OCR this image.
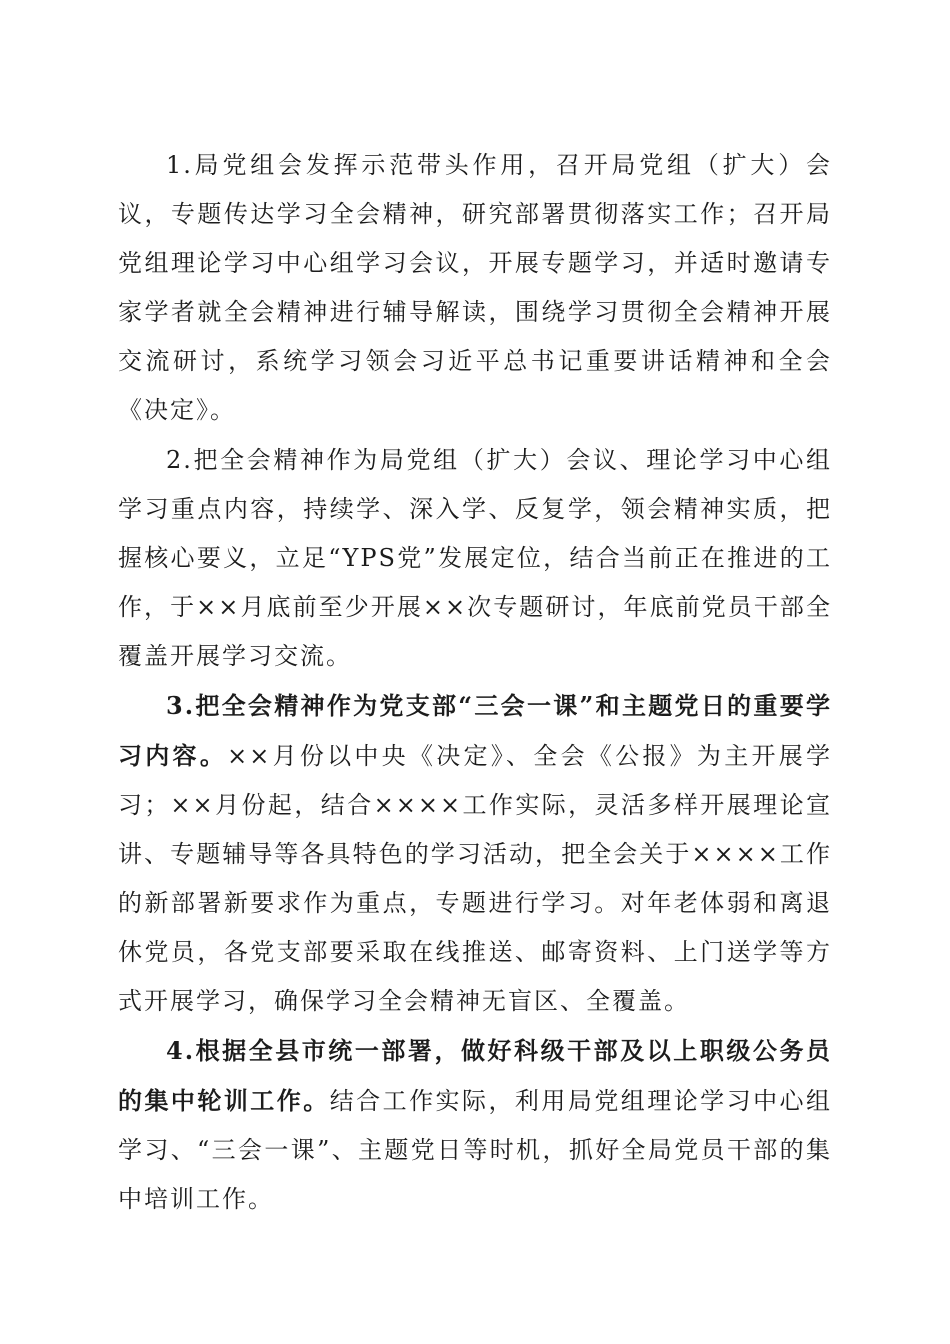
1.局党组会发挥示范带头作用，召开局党组（扩大）会议，专题传达学习全会精神，研究部署贯彻落实工作；召开局党组理论学习中心组学习会议，开展专题学习，并适时邀请专家学者就全会精神进行辅导解读，围绕学习贯彻全会精神开展交流研讨，系统学习领会习近平总书记重要讲话精神和全会《决定》。

2.把全会精神作为局党组（扩大）会议、理论学习中心组学习重点内容，持续学、深入学、反复学，领会精神实质，把握核心要义，立足“YPS党”发展定位，结合当前正在推进的工作，于××月底前至少开展××次专题研讨，年底前党员干部全覆盖开展学习交流。

3.把全会精神作为党支部“三会一课”和主题党日的重要学习内容。××月份以中央《决定》、全会《公报》为主开展学习；××月份起，结合××××工作实际，灵活多样开展理论宣讲、专题辅导等各具特色的学习活动，把全会关于××××工作的新部署新要求作为重点，专题进行学习。对年老体弱和离退休党员，各党支部要采取在线推送、邮寄资料、上门送学等方式开展学习，确保学习全会精神无盲区、全覆盖。

4.根据全县市统一部署，做好科级干部及以上职级公务员的集中轮训工作。结合工作实际，利用局党组理论学习中心组学习、“三会一课”、主题党日等时机，抓好全局党员干部的集中培训工作。
